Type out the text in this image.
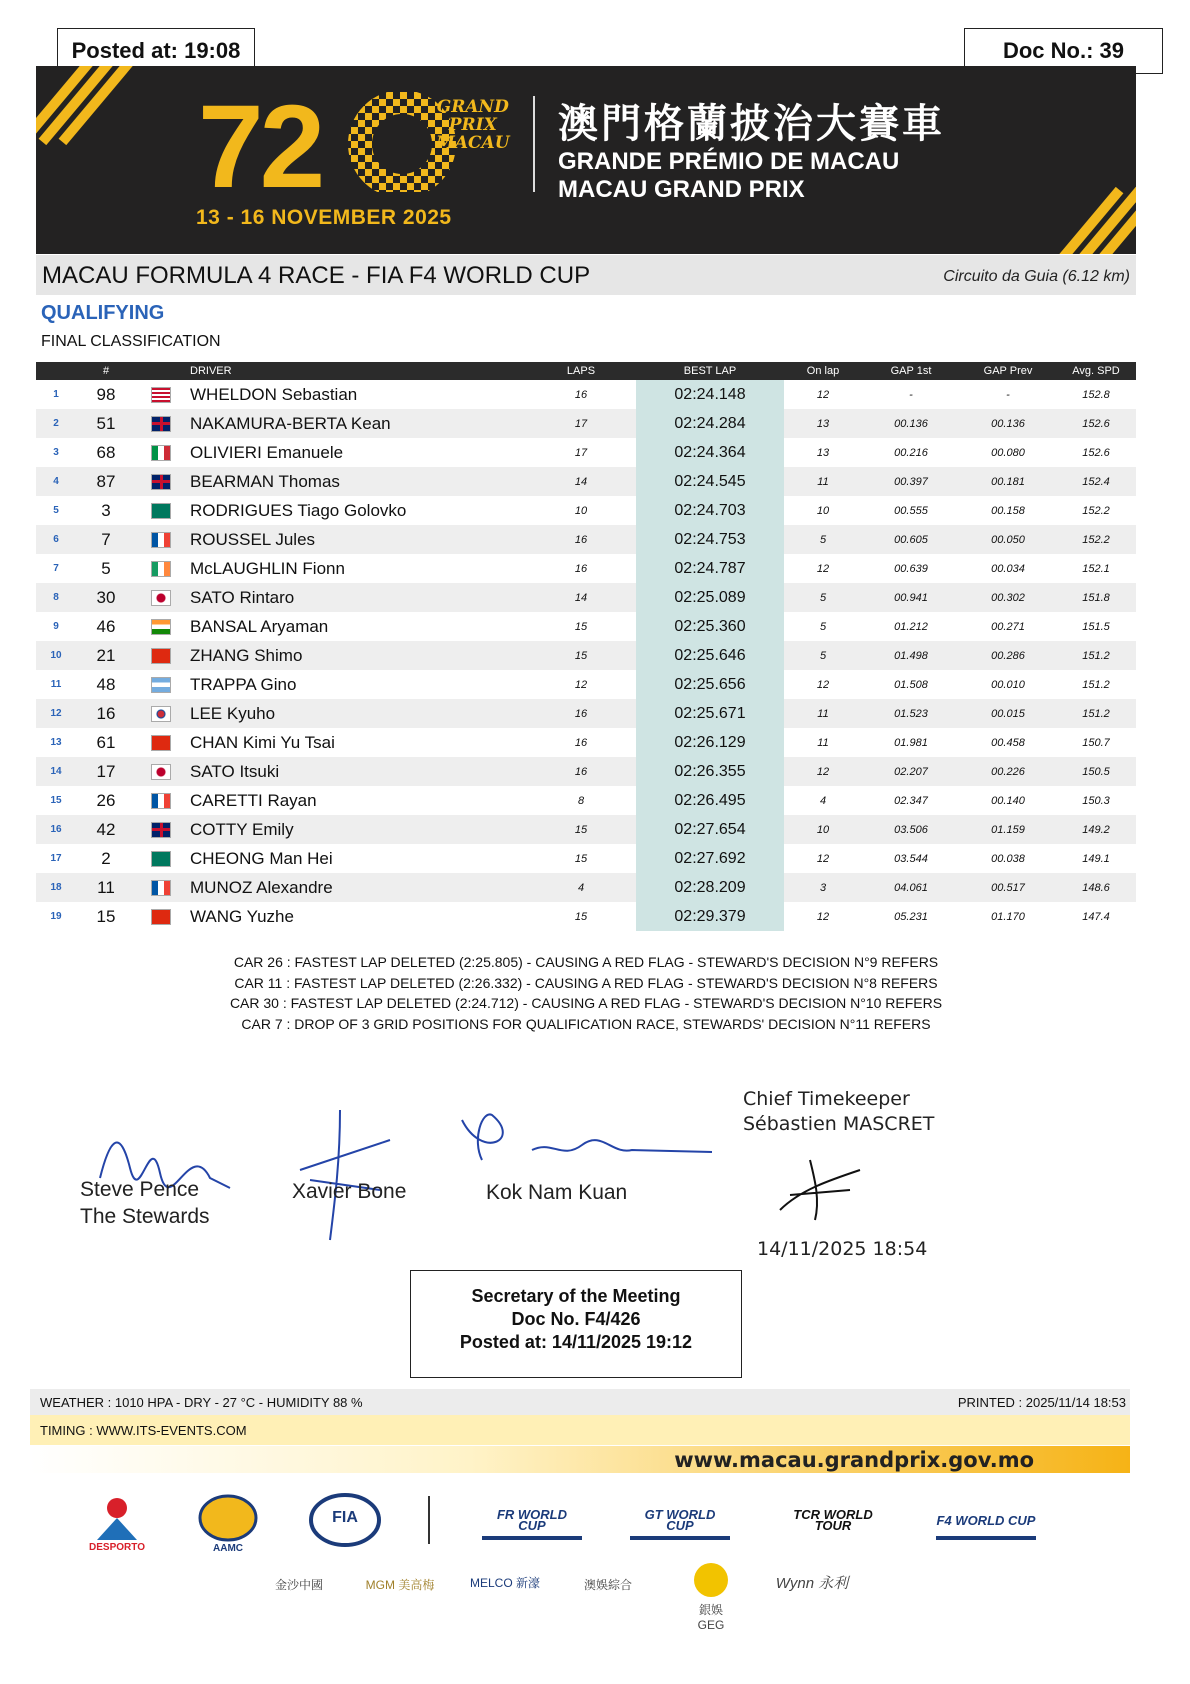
Posted at: 19:08	Doc No.: 39
72	GRAND
PRIX
MACAU
13 - 16 NOVEMBER 2025
澳門格蘭披治大賽車
GRANDE PRÉMIO DE MACAU
MACAU GRAND PRIX
MACAU FORMULA 4 RACE - FIA F4 WORLD CUP	Circuito da Guia (6.12 km)
QUALIFYING
FINAL CLASSIFICATION
	#		DRIVER	LAPS	BEST LAP	On lap	GAP 1st	GAP Prev	Avg. SPD
1	98		WHELDON Sebastian	16	02:24.148	12	-	-	152.8
2	51		NAKAMURA-BERTA Kean	17	02:24.284	13	00.136	00.136	152.6
3	68		OLIVIERI Emanuele	17	02:24.364	13	00.216	00.080	152.6
4	87		BEARMAN Thomas	14	02:24.545	11	00.397	00.181	152.4
5	3		RODRIGUES Tiago Golovko	10	02:24.703	10	00.555	00.158	152.2
6	7		ROUSSEL Jules	16	02:24.753	5	00.605	00.050	152.2
7	5		McLAUGHLIN Fionn	16	02:24.787	12	00.639	00.034	152.1
8	30		SATO Rintaro	14	02:25.089	5	00.941	00.302	151.8
9	46		BANSAL Aryaman	15	02:25.360	5	01.212	00.271	151.5
10	21		ZHANG Shimo	15	02:25.646	5	01.498	00.286	151.2
11	48		TRAPPA Gino	12	02:25.656	12	01.508	00.010	151.2
12	16		LEE Kyuho	16	02:25.671	11	01.523	00.015	151.2
13	61		CHAN Kimi Yu Tsai	16	02:26.129	11	01.981	00.458	150.7
14	17		SATO Itsuki	16	02:26.355	12	02.207	00.226	150.5
15	26		CARETTI Rayan	8	02:26.495	4	02.347	00.140	150.3
16	42		COTTY Emily	15	02:27.654	10	03.506	01.159	149.2
17	2		CHEONG Man Hei	15	02:27.692	12	03.544	00.038	149.1
18	11		MUNOZ Alexandre	4	02:28.209	3	04.061	00.517	148.6
19	15		WANG Yuzhe	15	02:29.379	12	05.231	01.170	147.4
CAR 26 : FASTEST LAP DELETED (2:25.805) - CAUSING A RED FLAG - STEWARD'S DECISION N°9 REFERS
CAR 11 : FASTEST LAP DELETED (2:26.332) - CAUSING A RED FLAG - STEWARD'S DECISION N°8 REFERS
CAR 30 : FASTEST LAP DELETED (2:24.712) - CAUSING A RED FLAG - STEWARD'S DECISION N°10 REFERS
CAR 7 : DROP OF 3 GRID POSITIONS FOR QUALIFICATION RACE, STEWARDS' DECISION N°11 REFERS
Steve Pence
The Stewards
Xavier Bone	Kok Nam Kuan
Chief Timekeeper
Sébastien MASCRET
14/11/2025 18:54
Secretary of the Meeting
Doc No. F4/426
Posted at: 14/11/2025 19:12
WEATHER : 1010 HPA - DRY - 27 °C - HUMIDITY 88 %	PRINTED : 2025/11/14 18:53
TIMING : WWW.ITS-EVENTS.COM
www.macau.grandprix.gov.mo
DESPORTO	AAMC
FIA	FR WORLD CUP
GT WORLD CUP
TCR WORLD TOUR	F4 WORLD CUP
金沙中國	MGM 美高梅	MELCO 新濠	澳娛綜合
銀娛 GEG
Wynn 永利
